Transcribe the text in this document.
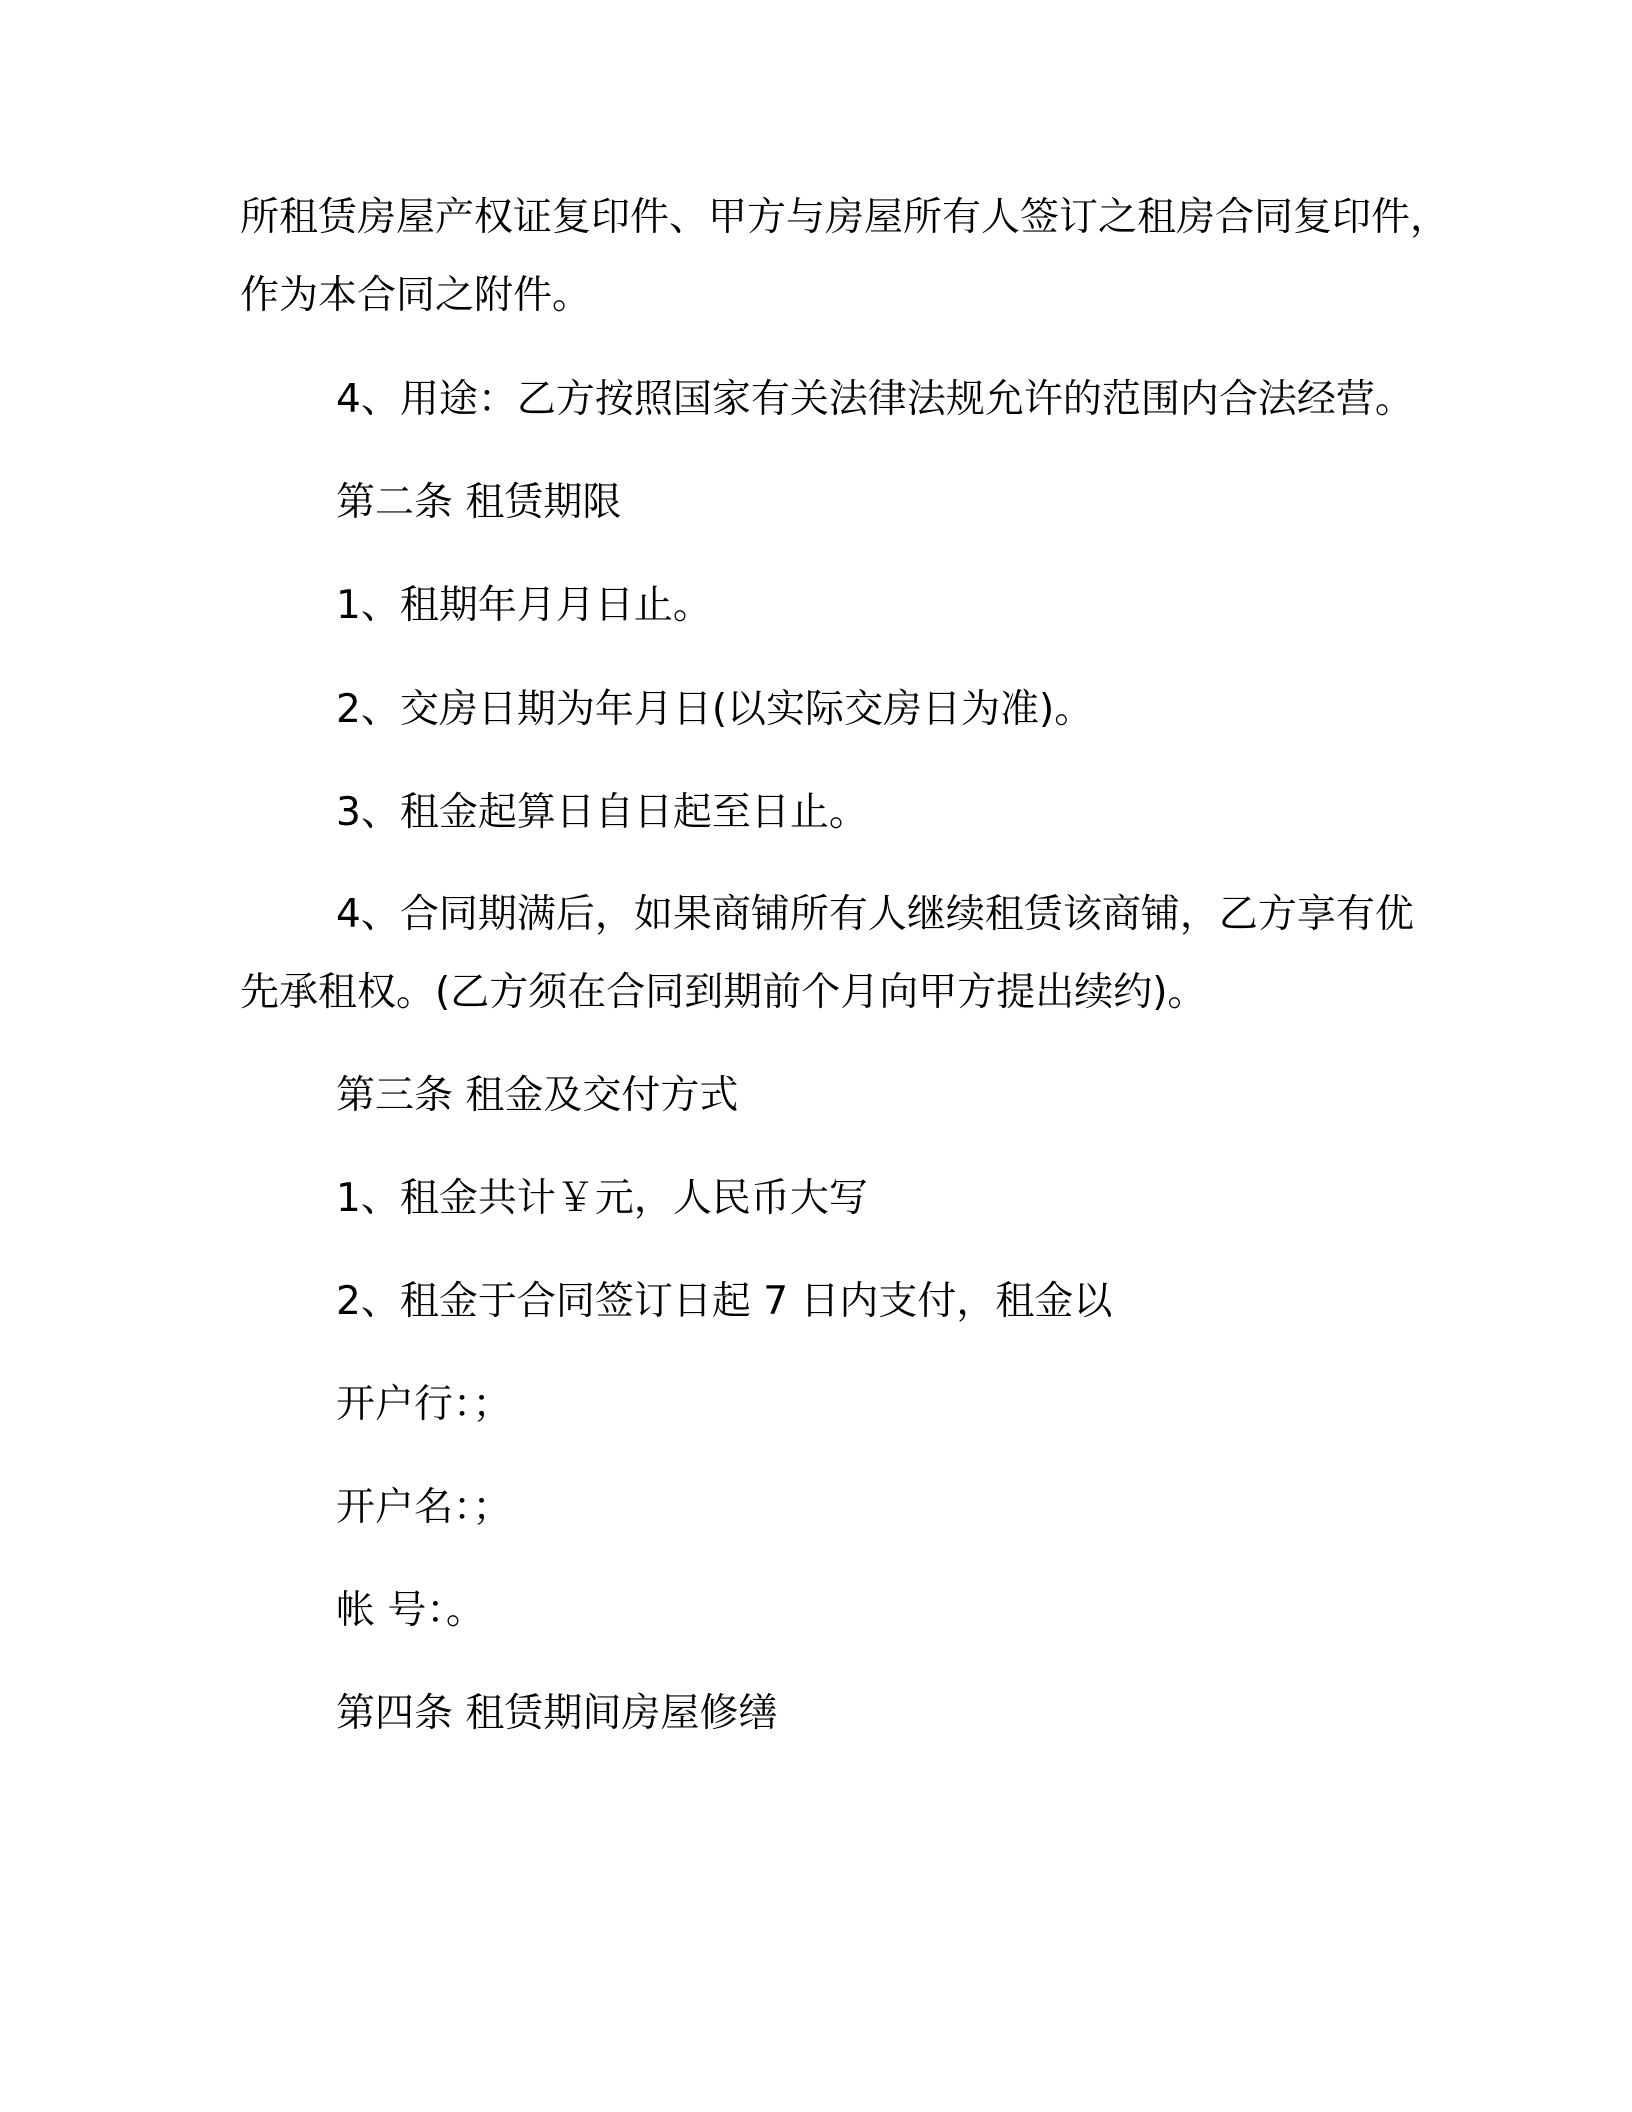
所租赁房屋产权证复印件、甲方与房屋所有人签订之租房合同复印件，
作为本合同之附件。
4、用途：乙方按照国家有关法律法规允许的范围内合法经营。
第二条 租赁期限
1、租期年月月日止。
2、交房日期为年月日(以实际交房日为准)。
3、租金起算日自日起至日止。
4、合同期满后，如果商铺所有人继续租赁该商铺，乙方享有优
先承租权。(乙方须在合同到期前个月向甲方提出续约)。
第三条 租金及交付方式
1、租金共计￥元，人民币大写
2、租金于合同签订日起 7 日内支付，租金以
开户行：；
开户名：；
帐 号：。
第四条 租赁期间房屋修缮
